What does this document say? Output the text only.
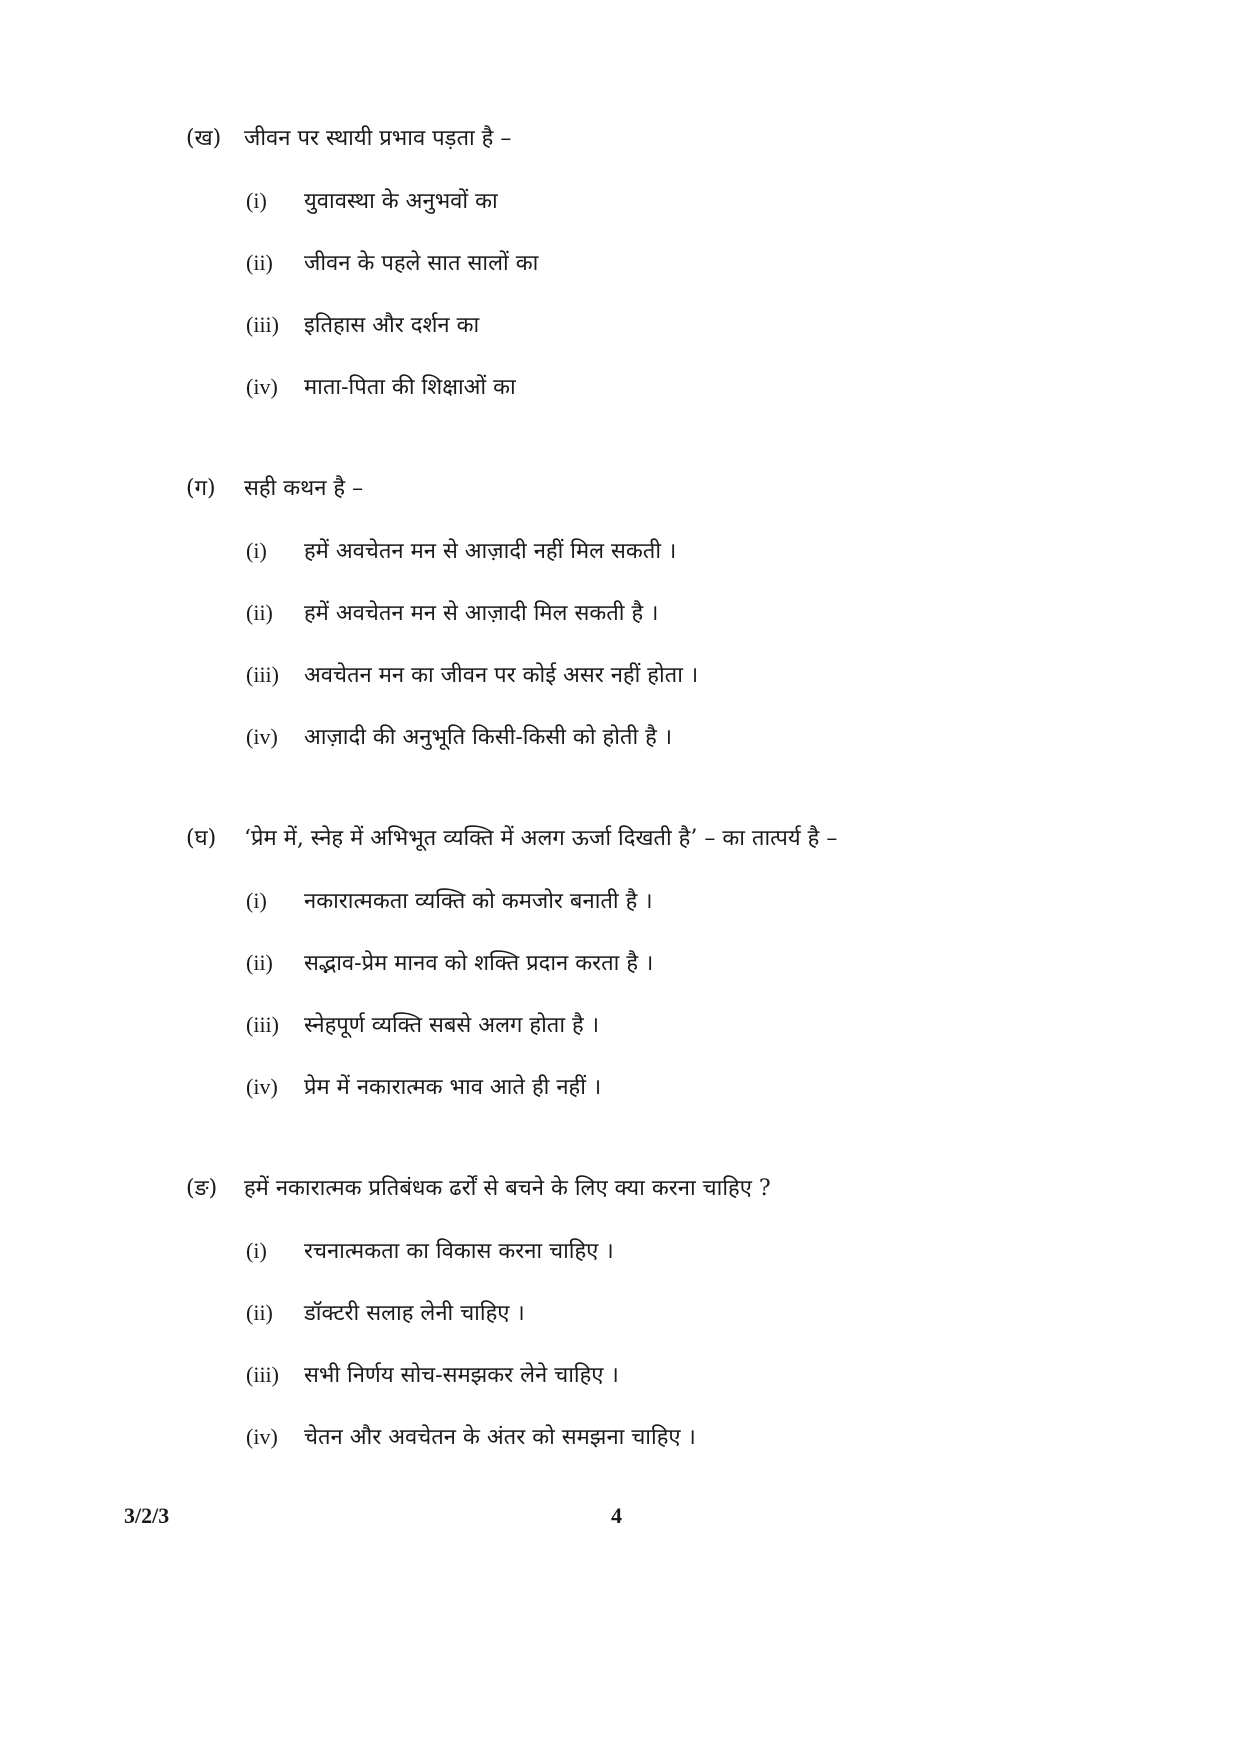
(ख) जीवन पर स्थायी प्रभाव पड़ता है –
(i) युवावस्था के अनुभवों का
(ii) जीवन के पहले सात सालों का
(iii) इतिहास और दर्शन का
(iv) माता-पिता की शिक्षाओं का
(ग) सही कथन है –
(i) हमें अवचेतन मन से आज़ादी नहीं मिल सकती ।
(ii) हमें अवचेतन मन से आज़ादी मिल सकती है ।
(iii) अवचेतन मन का जीवन पर कोई असर नहीं होता ।
(iv) आज़ादी की अनुभूति किसी-किसी को होती है ।
(घ) ‘प्रेम में, स्नेह में अभिभूत व्यक्ति में अलग ऊर्जा दिखती है’ – का तात्पर्य है –
(i) नकारात्मकता व्यक्ति को कमजोर बनाती है ।
(ii) सद्भाव-प्रेम मानव को शक्ति प्रदान करता है ।
(iii) स्नेहपूर्ण व्यक्ति सबसे अलग होता है ।
(iv) प्रेम में नकारात्मक भाव आते ही नहीं ।
(ङ) हमें नकारात्मक प्रतिबंधक ढर्रों से बचने के लिए क्या करना चाहिए ?
(i) रचनात्मकता का विकास करना चाहिए ।
(ii) डॉक्टरी सलाह लेनी चाहिए ।
(iii) सभी निर्णय सोच-समझकर लेने चाहिए ।
(iv) चेतन और अवचेतन के अंतर को समझना चाहिए ।
3/2/3	4
